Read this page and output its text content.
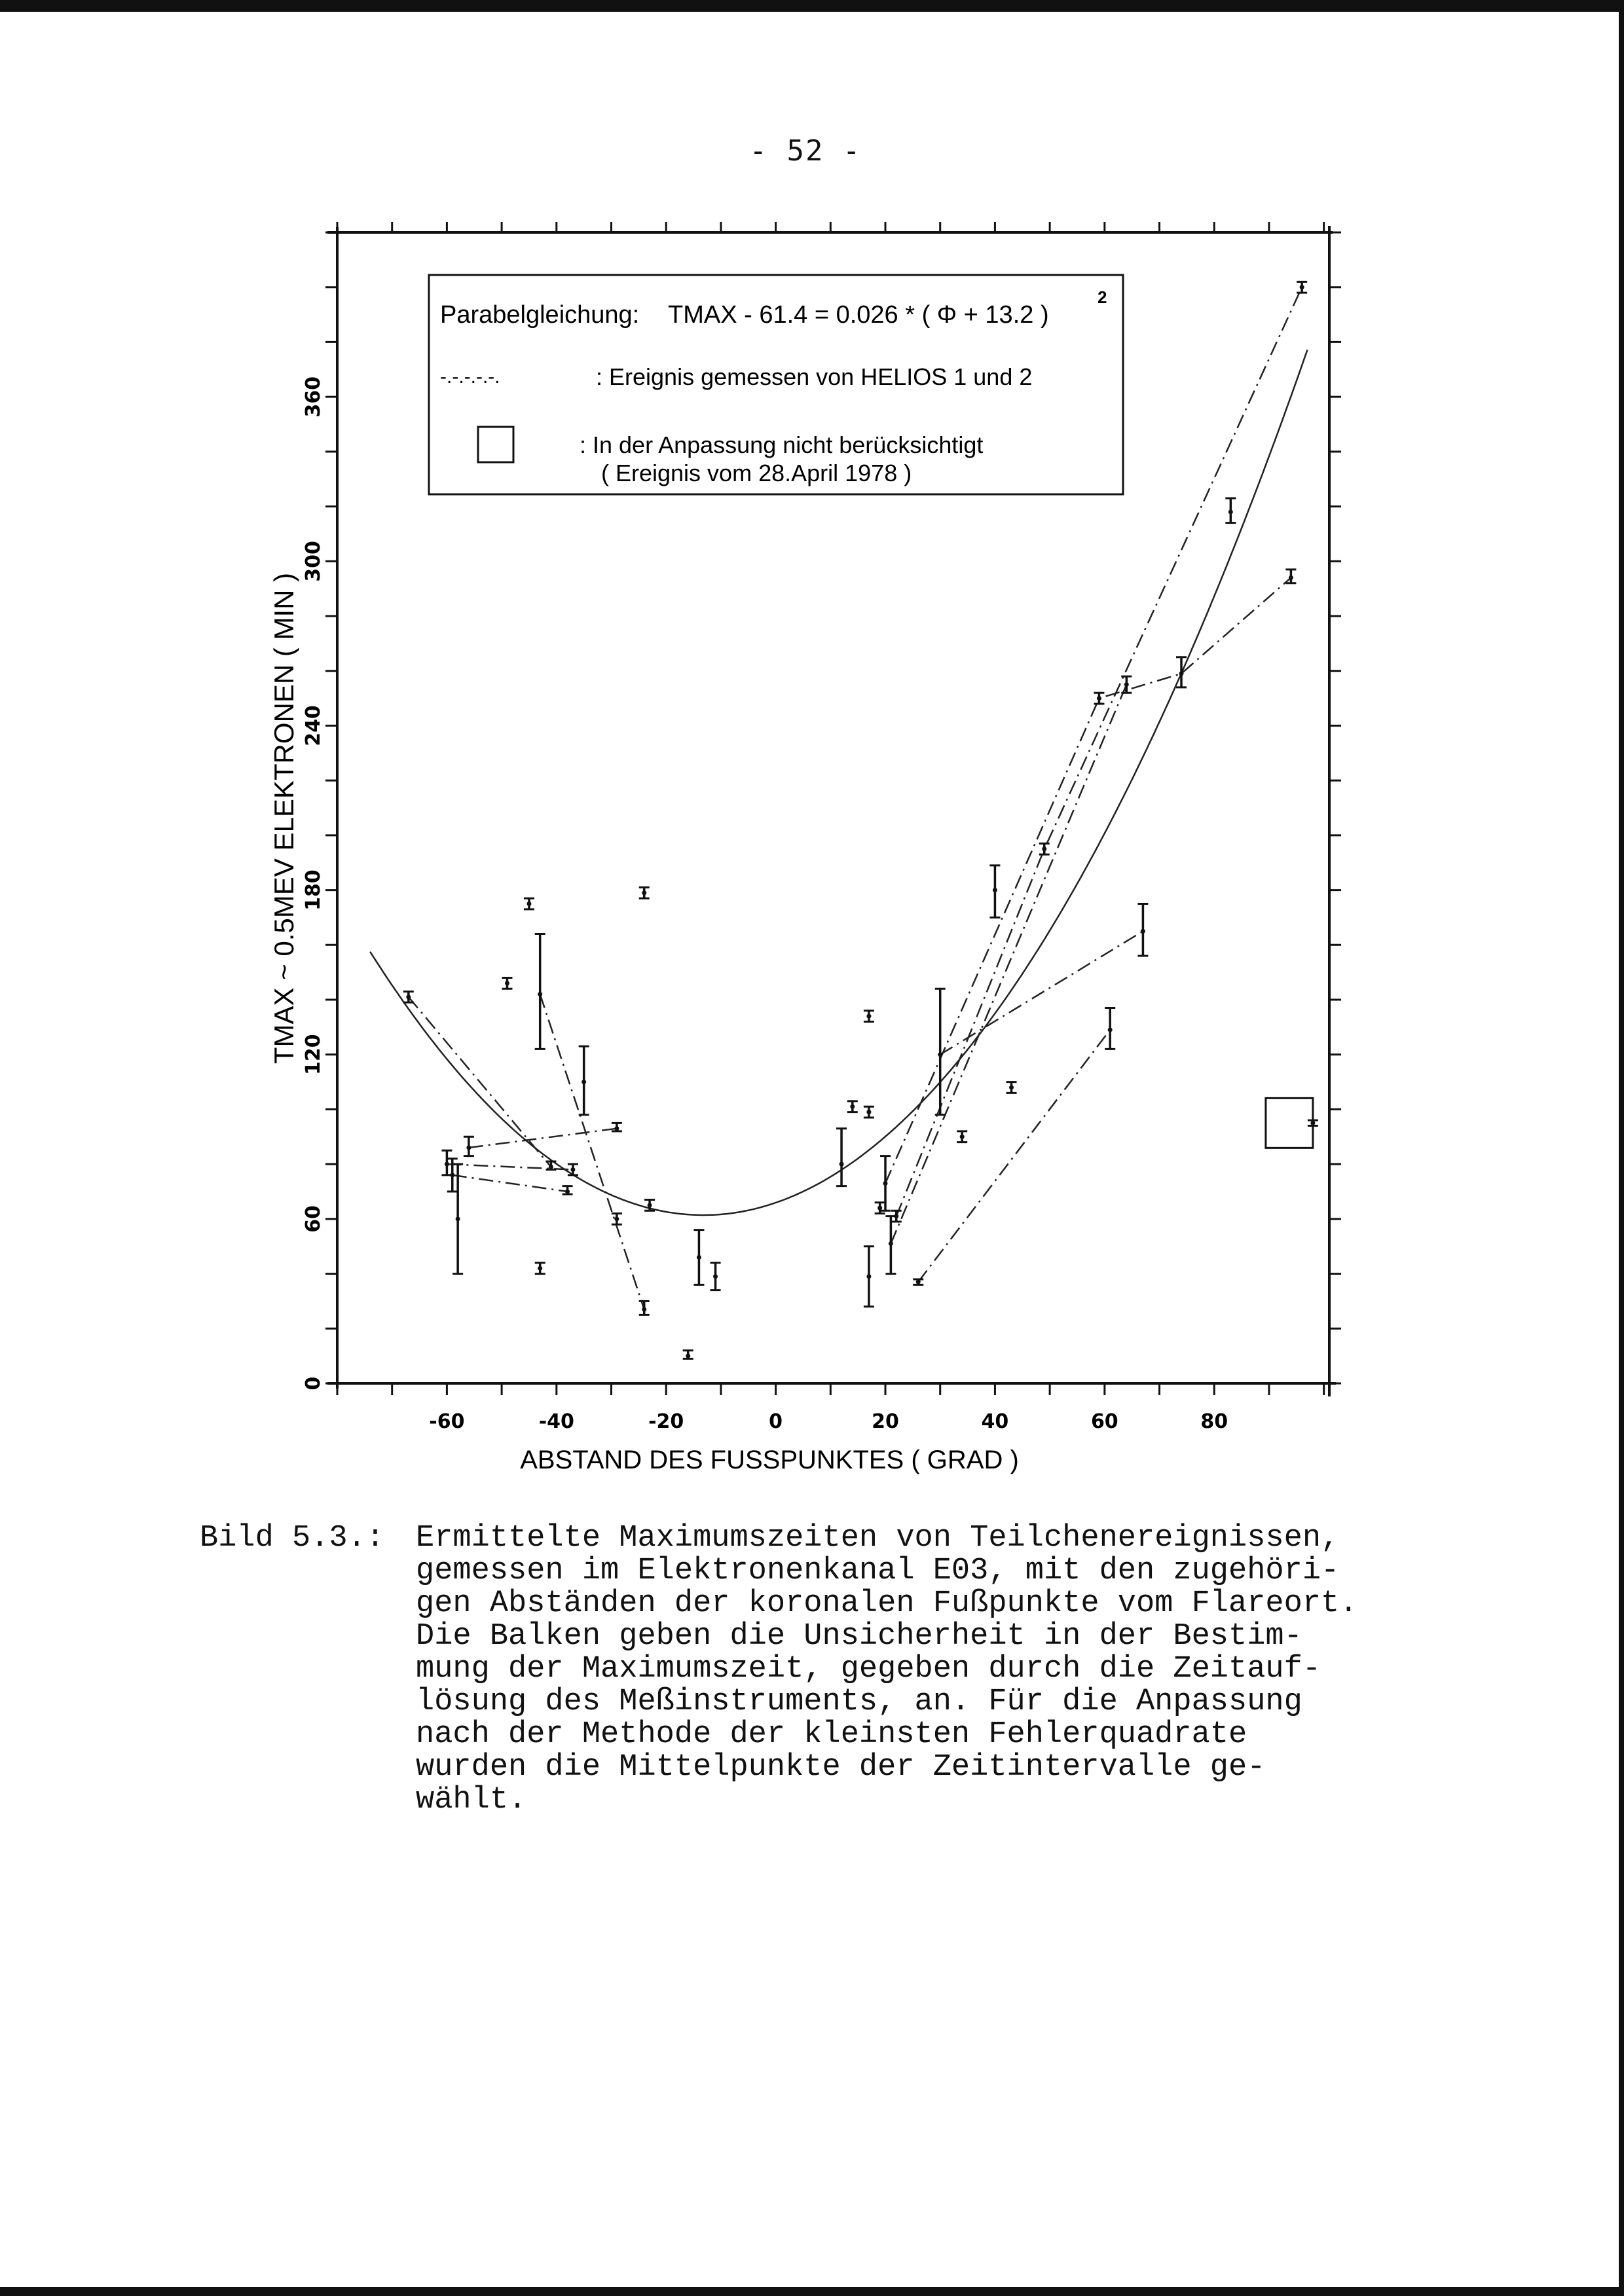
- 52 -
-60	-40	-20	0	20	40	60	80
0
60
120
180
240
300
360
Parabelgleichung: TMAX - 61.4 = 0.026 * ( Φ + 13.2 )
2
-.-.-.-.-.	: Ereignis gemessen von HELIOS 1 und 2
: In der Anpassung nicht berücksichtigt
( Ereignis vom 28.April 1978 )
ABSTAND DES FUSSPUNKTES ( GRAD )
TMAX ~ 0.5MEV ELEKTRONEN ( MIN )
Bild 5.3.: Ermittelte Maximumszeiten von Teilchenereignissen,
gemessen im Elektronenkanal E03, mit den zugehöri-
gen Abständen der koronalen Fußpunkte vom Flareort.
Die Balken geben die Unsicherheit in der Bestim-
mung der Maximumszeit, gegeben durch die Zeitauf-
lösung des Meßinstruments, an. Für die Anpassung
nach der Methode der kleinsten Fehlerquadrate
wurden die Mittelpunkte der Zeitintervalle ge-
wählt.
